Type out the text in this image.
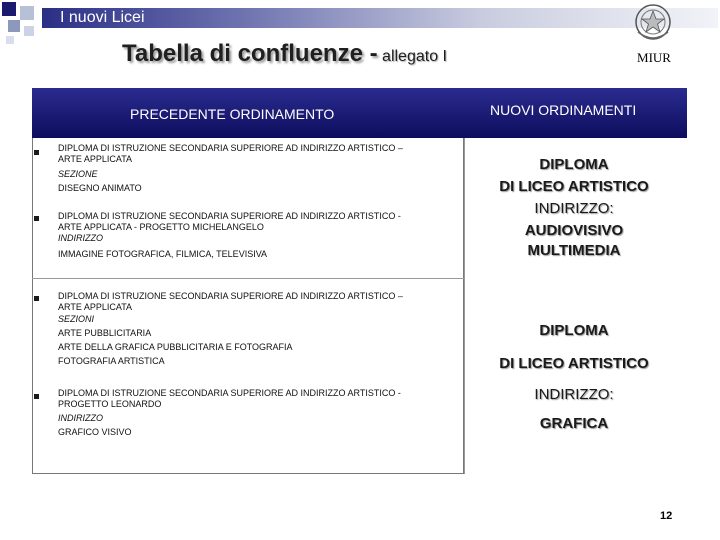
I nuovi Licei
MIUR
Tabella di confluenze - allegato I
PRECEDENTE ORDINAMENTO	NUOVI ORDINAMENTI
DIPLOMA DI ISTRUZIONE SECONDARIA SUPERIORE AD INDIRIZZO ARTISTICO –
ARTE APPLICATA
SEZIONE
DISEGNO ANIMATO
DIPLOMA DI ISTRUZIONE SECONDARIA SUPERIORE AD INDIRIZZO ARTISTICO -
ARTE APPLICATA - PROGETTO MICHELANGELO
INDIRIZZO
IMMAGINE FOTOGRAFICA, FILMICA, TELEVISIVA
DIPLOMA DI ISTRUZIONE SECONDARIA SUPERIORE AD INDIRIZZO ARTISTICO –
ARTE APPLICATA
SEZIONI
ARTE PUBBLICITARIA
ARTE DELLA GRAFICA PUBBLICITARIA E FOTOGRAFIA
FOTOGRAFIA ARTISTICA
DIPLOMA DI ISTRUZIONE SECONDARIA SUPERIORE AD INDIRIZZO ARTISTICO -
PROGETTO LEONARDO
INDIRIZZO
GRAFICO VISIVO
DIPLOMA
DI LICEO ARTISTICO
INDIRIZZO:
AUDIOVISIVO
MULTIMEDIA
DIPLOMA
DI LICEO ARTISTICO
INDIRIZZO:
GRAFICA
12
